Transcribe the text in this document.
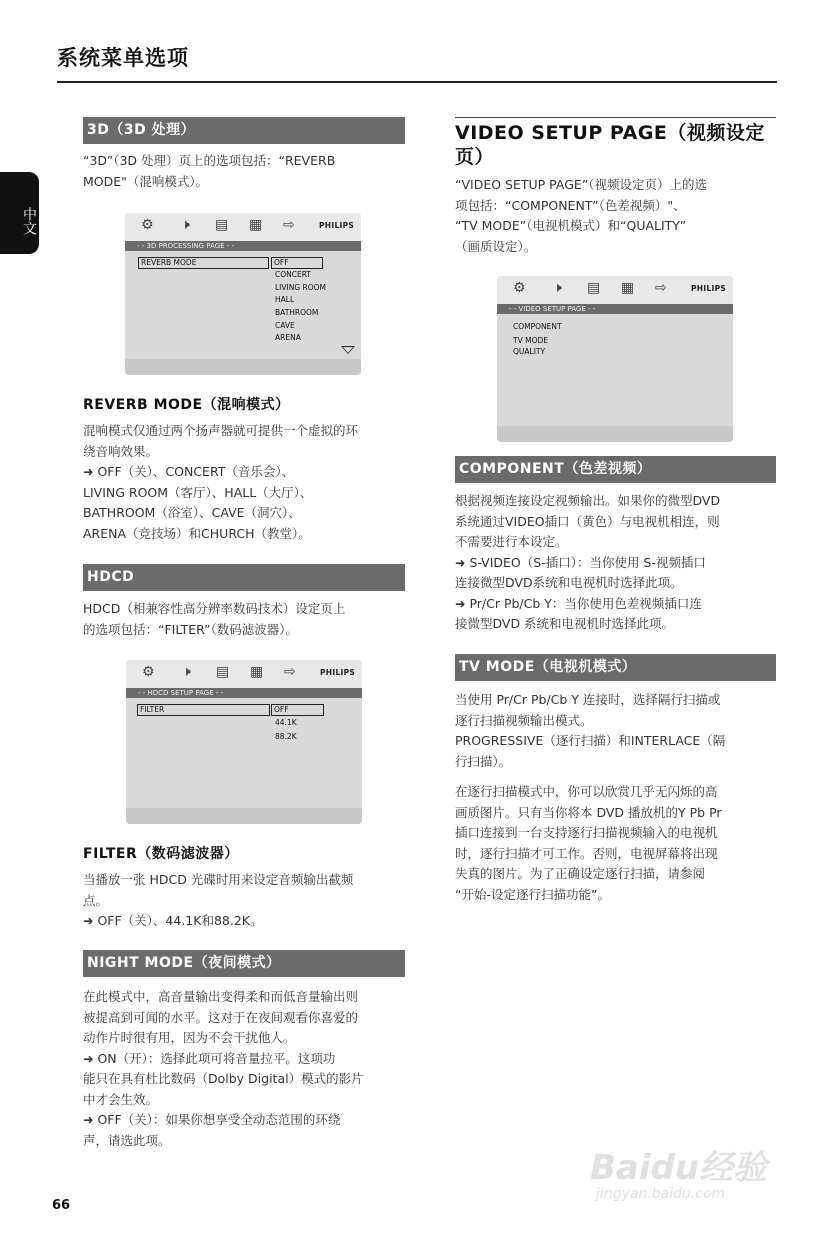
系统菜单选项
中文
3D（3D 处理）
“3D”（3D 处理）页上的选项包括：“REVERB
MODE"（混响模式）。
⚙ 🕨 ▤ ▦ ⇨	PHILIPS
- - 3D PROCESSING PAGE - -
REVERB MODE	OFF
CONCERT
LIVING ROOM
HALL
BATHROOM
CAVE
ARENA
REVERB MODE（混响模式）
混响模式仅通过两个扬声器就可提供一个虚拟的环
绕音响效果。
➜ OFF（关）、CONCERT（音乐会）、
LIVING ROOM（客厅）、HALL（大厅）、
BATHROOM（浴室）、CAVE（洞穴）、
ARENA（竞技场）和CHURCH（教堂）。
HDCD
HDCD（相兼容性高分辨率数码技术）设定页上
的选项包括：“FILTER”（数码滤波器）。
⚙ 🕨 ▤ ▦ ⇨	PHILIPS
- - HDCD SETUP PAGE - -
FILTER	OFF
44.1K
88.2K
FILTER（数码滤波器）
当播放一张 HDCD 光碟时用来设定音频输出截频
点。
➜ OFF（关）、44.1K和88.2K。
NIGHT MODE（夜间模式）
在此模式中，高音量输出变得柔和而低音量输出则
被提高到可闻的水平。这对于在夜间观看你喜爱的
动作片时很有用，因为不会干扰他人。
➜ ON（开）：选择此项可将音量拉平。这项功
能只在具有杜比数码（Dolby Digital）模式的影片
中才会生效。
➜ OFF（关）：如果你想享受全动态范围的环绕
声，请选此项。
VIDEO SETUP PAGE（视频设定页）
“VIDEO SETUP PAGE”（视频设定页）上的选
项包括：“COMPONENT”（色差视频）"、
“TV MODE”（电视机模式）和“QUALITY”
（画质设定）。
⚙ 🕨 ▤ ▦ ⇨	PHILIPS
- - VIDEO SETUP PAGE - -
COMPONENT
TV MODE
QUALITY
COMPONENT（色差视频）
根据视频连接设定视频输出。如果你的微型DVD
系统通过VIDEO插口（黄色）与电视机相连，则
不需要进行本设定。
➜ S-VIDEO（S-插口）：当你使用 S-视频插口
连接微型DVD系统和电视机时选择此项。
➜ Pr/Cr Pb/Cb Y：当你使用色差视频插口连
接微型DVD 系统和电视机时选择此项。
TV MODE（电视机模式）
当使用 Pr/Cr Pb/Cb Y 连接时，选择隔行扫描或
逐行扫描视频输出模式。
PROGRESSIVE（逐行扫描）和INTERLACE（隔
行扫描）。
在逐行扫描模式中，你可以欣赏几乎无闪烁的高
画质图片。只有当你将本 DVD 播放机的Y Pb Pr
插口连接到一台支持逐行扫描视频输入的电视机
时，逐行扫描才可工作。否则，电视屏幕将出现
失真的图片。为了正确设定逐行扫描，请参阅
“开始-设定逐行扫描功能”。
66
Baidu经验
jingyan.baidu.com
